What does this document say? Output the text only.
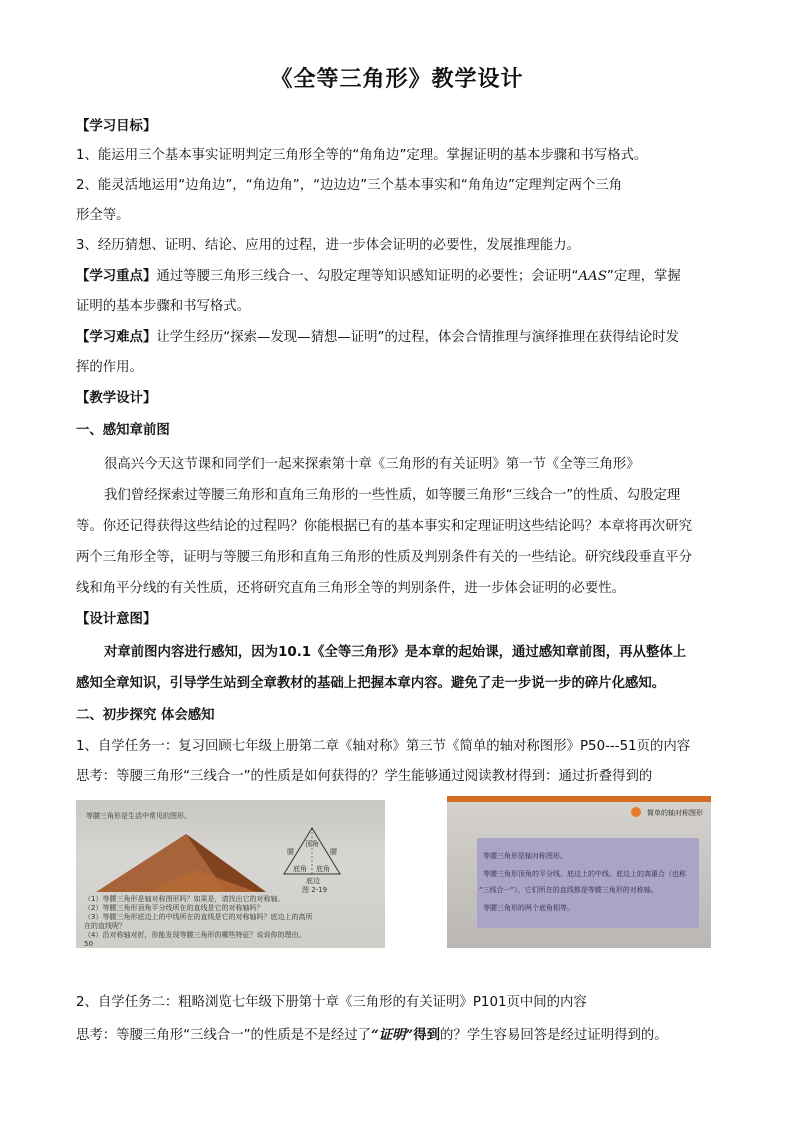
《全等三角形》教学设计
【学习目标】
1、能运用三个基本事实证明判定三角形全等的“角角边”定理。掌握证明的基本步骤和书写格式。
2、能灵活地运用“边角边”，“角边角”，“边边边”三个基本事实和“角角边”定理判定两个三角
形全等。
3、经历猜想、证明、结论、应用的过程，进一步体会证明的必要性，发展推理能力。
【学习重点】通过等腰三角形三线合一、勾股定理等知识感知证明的必要性；会证明“AAS”定理，掌握
证明的基本步骤和书写格式。
【学习难点】让学生经历“探索—发现—猜想—证明”的过程，体会合情推理与演绎推理在获得结论时发
挥的作用。
【教学设计】
一、感知章前图
很高兴今天这节课和同学们一起来探索第十章《三角形的有关证明》第一节《全等三角形》
我们曾经探索过等腰三角形和直角三角形的一些性质，如等腰三角形“三线合一”的性质、勾股定理
等。你还记得获得这些结论的过程吗？你能根据已有的基本事实和定理证明这些结论吗？本章将再次研究
两个三角形全等，证明与等腰三角形和直角三角形的性质及判别条件有关的一些结论。研究线段垂直平分
线和角平分线的有关性质，还将研究直角三角形全等的判别条件，进一步体会证明的必要性。
【设计意图】
对章前图内容进行感知，因为10.1《全等三角形》是本章的起始课，通过感知章前图，再从整体上
感知全章知识，引导学生站到全章教材的基础上把握本章内容。避免了走一步说一步的碎片化感知。
二、初步探究 体会感知
1、自学任务一：复习回顾七年级上册第二章《轴对称》第三节《简单的轴对称图形》P50---51页的内容
思考：等腰三角形“三线合一”的性质是如何获得的？学生能够通过阅读教材得到：通过折叠得到的
等腰三角形是生活中常见的图形。
顶角
腰	腰
底角 底角
底边
图 2-19
（1）等腰三角形是轴对称图形吗？如果是，请找出它的对称轴。
（2）等腰三角形顶角平分线所在的直线是它的对称轴吗？
（3）等腰三角形底边上的中线所在的直线是它的对称轴吗？底边上的高所
在的直线呢？
（4）沿对称轴对折，你能发现等腰三角形的哪些特征？说说你的理由。
50
简单的轴对称图形
等腰三角形是轴对称图形。
等腰三角形顶角的平分线、底边上的中线、底边上的高重合（也称
“三线合一”），它们所在的直线都是等腰三角形的对称轴。
等腰三角形的两个底角相等。
2、自学任务二：粗略浏览七年级下册第十章《三角形的有关证明》P101页中间的内容
思考：等腰三角形“三线合一”的性质是不是经过了“证明”得到的？学生容易回答是经过证明得到的。
